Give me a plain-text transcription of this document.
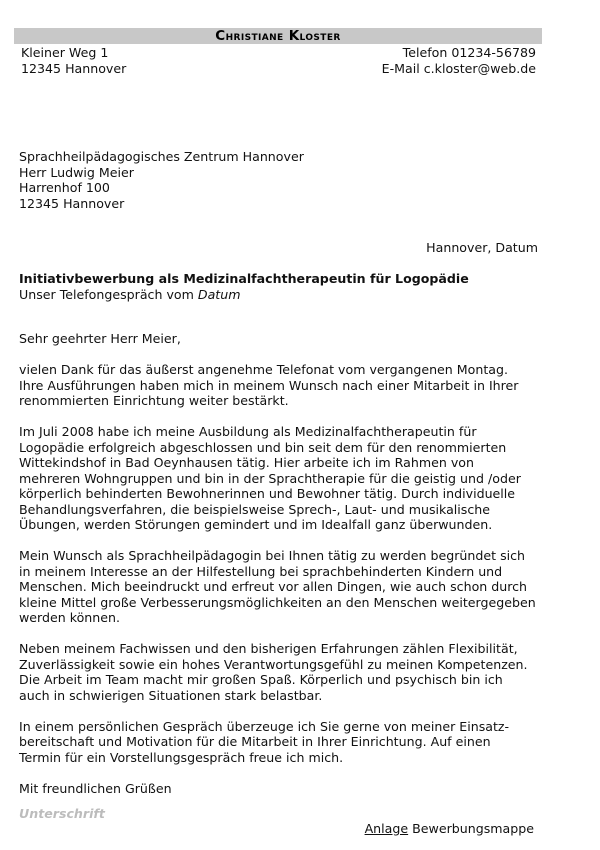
Christiane Kloster
Kleiner Weg 1
12345 Hannover
Telefon 01234-56789
E-Mail c.kloster@web.de
Sprachheilpädagogisches Zentrum Hannover
Herr Ludwig Meier
Harrenhof 100
12345 Hannover
Hannover, Datum
Initiativbewerbung als Medizinalfachtherapeutin für Logopädie
Unser Telefongespräch vom Datum

Sehr geehrter Herr Meier,

vielen Dank für das äußerst angenehme Telefonat vom vergangenen Montag.
Ihre Ausführungen haben mich in meinem Wunsch nach einer Mitarbeit in Ihrer
renommierten Einrichtung weiter bestärkt.

Im Juli 2008 habe ich meine Ausbildung als Medizinalfachtherapeutin für
Logopädie erfolgreich abgeschlossen und bin seit dem für den renommierten
Wittekindshof in Bad Oeynhausen tätig. Hier arbeite ich im Rahmen von
mehreren Wohngruppen und bin in der Sprachtherapie für die geistig und /oder
körperlich behinderten Bewohnerinnen und Bewohner tätig. Durch individuelle
Behandlungsverfahren, die beispielsweise Sprech-, Laut- und musikalische
Übungen, werden Störungen gemindert und im Idealfall ganz überwunden.

Mein Wunsch als Sprachheilpädagogin bei Ihnen tätig zu werden begründet sich
in meinem Interesse an der Hilfestellung bei sprachbehinderten Kindern und
Menschen. Mich beeindruckt und erfreut vor allen Dingen, wie auch schon durch
kleine Mittel große Verbesserungsmöglichkeiten an den Menschen weitergegeben
werden können.

Neben meinem Fachwissen und den bisherigen Erfahrungen zählen Flexibilität,
Zuverlässigkeit sowie ein hohes Verantwortungsgefühl zu meinen Kompetenzen.
Die Arbeit im Team macht mir großen Spaß. Körperlich und psychisch bin ich
auch in schwierigen Situationen stark belastbar.

In einem persönlichen Gespräch überzeuge ich Sie gerne von meiner Einsatz-
bereitschaft und Motivation für die Mitarbeit in Ihrer Einrichtung. Auf einen
Termin für ein Vorstellungsgespräch freue ich mich.

Mit freundlichen Grüßen

Unterschrift
Anlage Bewerbungsmappe
